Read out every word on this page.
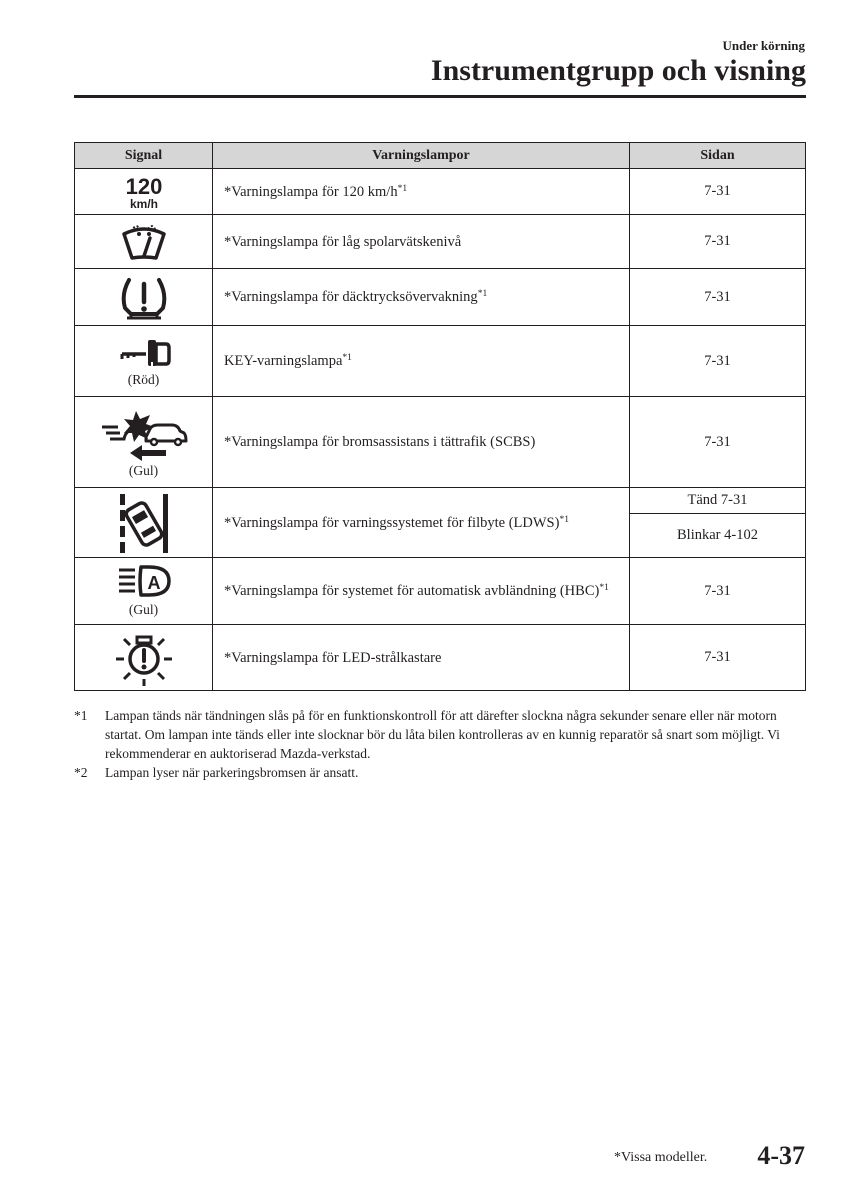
Under körning
Instrumentgrupp och visning
Signal	Varningslampor	Sidan

120
km/h	*Varningslampa för 120 $km/h^{*1}$	7-31

	*Varningslampa för låg spolarvätskenivå	7-31

	*Varningslampa för däcktrycksövervakning$^{*1}$	7-31

(Röd)	KEY-varningslampa$^{*1}$	7-31

(Gul)	*Varningslampa för bromsassistans i tättrafik (SCBS)	7-31

	*Varningslampa för varningssystemet för filbyte (LDWS)$^{*1}$	Tänd 7-31
		Blinkar 4-102

A
(Gul)	*Varningslampa för systemet för automatisk avbländning (HBC)$^{*1}$	7-31

	*Varningslampa för LED-strålkastare	7-31
*1	Lampan tänds när tändningen slås på för en funktionskontroll för att därefter slockna några sekunder senare eller när motorn startat. Om lampan inte tänds eller inte slocknar bör du låta bilen kontrolleras av en kunnig reparatör så snart som möjligt. Vi rekommenderar en auktoriserad Mazda-verkstad.
*2	Lampan lyser när parkeringsbromsen är ansatt.
*Vissa modeller. 4-37
